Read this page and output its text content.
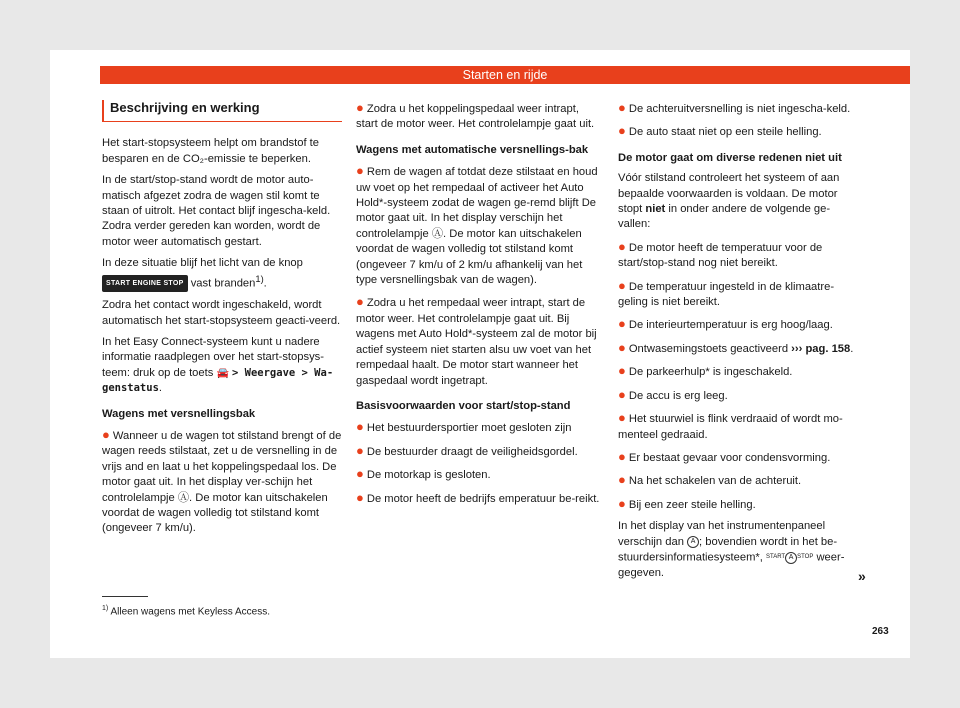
Starten en rijde
Beschrijving en werking

Het start-stopsysteem helpt om brandstof te besparen en de CO₂-emissie te beperken.

In de start/stop-stand wordt de motor auto-matisch afgezet zodra de wagen stil komt te staan of uitrolt. Het contact blijf ingescha-keld. Zodra verder gereden kan worden, wordt de motor weer automatisch gestart.

In deze situatie blijf het licht van de knop START ENGINE STOP vast branden$^{1)}$.

Zodra het contact wordt ingeschakeld, wordt automatisch het start-stopsysteem geacti-veerd.

In het Easy Connect-systeem kunt u nadere informatie raadplegen over het start-stopsys-teem: druk op de toets 🚘 > Weergave > Wa-genstatus.

Wagens met versnellingsbak

● Wanneer u de wagen tot stilstand brengt of de wagen reeds stilstaat, zet u de versnelling in de vrijs and en laat u het koppelingspedaal los. De motor gaat uit. In het display ver-schijn het controlelampje Ⓐ. De motor kan uitschakelen voordat de wagen volledig tot stilstand komt (ongeveer 7 km/u).

● Zodra u het koppelingspedaal weer intrapt, start de motor weer. Het controlelampje gaat uit.

Wagens met automatische versnellings-bak

● Rem de wagen af totdat deze stilstaat en houd uw voet op het rempedaal of activeer het Auto Hold*-systeem zodat de wagen ge-remd blijft De motor gaat uit. In het display verschijn het controlelampje Ⓐ. De motor kan uitschakelen voordat de wagen volledig tot stilstand komt (ongeveer 7 km/u of 2 km/u afhankelij van het type versnellingsbak van de wagen).

● Zodra u het rempedaal weer intrapt, start de motor weer. Het controlelampje gaat uit. Bij wagens met Auto Hold*-systeem zal de motor bij actief systeem niet starten alsu uw voet van het rempedaal haalt. De motor start wanneer het gaspedaal wordt ingetrapt.

Basisvoorwaarden voor start/stop-stand

● Het bestuurdersportier moet gesloten zijn

● De bestuurder draagt de veiligheidsgordel.

● De motorkap is gesloten.

● De motor heeft de bedrijfs emperatuur be-reikt.

● De achteruitversnelling is niet ingescha-keld.

● De auto staat niet op een steile helling.

De motor gaat om diverse redenen niet uit

Vóór stilstand controleert het systeem of aan bepaalde voorwaarden is voldaan. De motor stopt niet in onder andere de volgende ge-vallen:

● De motor heeft de temperatuur voor de start/stop-stand nog niet bereikt.

● De temperatuur ingesteld in de klimaatre-geling is niet bereikt.

● De interieurtemperatuur is erg hoog/laag.

● Ontwasemingstoets geactiveerd ››› pag. 158.

● De parkeerhulp* is ingeschakeld.

● De accu is erg leeg.

● Het stuurwiel is flink verdraaid of wordt mo-menteel gedraaid.

● Er bestaat gevaar voor condensvorming.

● Na het schakelen van de achteruit.

● Bij een zeer steile helling.

In het display van het instrumentenpaneel verschijn dan A ; bovendien wordt in het be-stuurdersinformatiesysteem*, START A STOP weer-gegeven.	»
$^{1)}$ Alleen wagens met Keyless Access.
263
